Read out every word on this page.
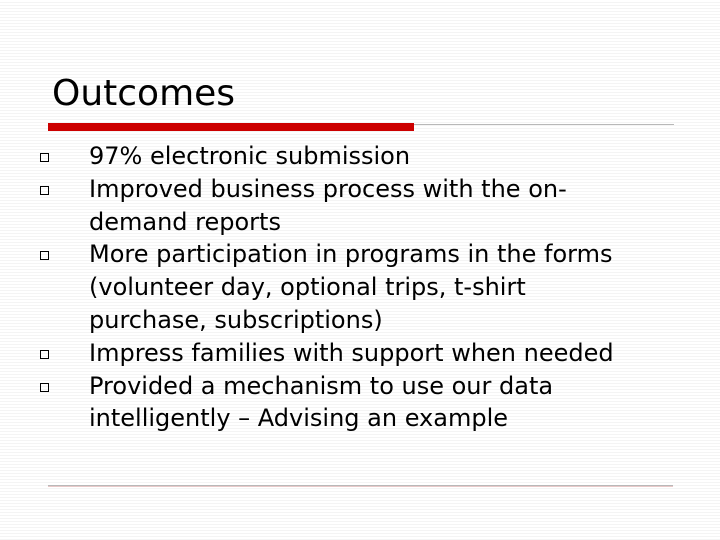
Outcomes
97% electronic submission
Improved business process with the on-
demand reports
More participation in programs in the forms
(volunteer day, optional trips, t-shirt
purchase, subscriptions)
Impress families with support when needed
Provided a mechanism to use our data
intelligently – Advising an example
